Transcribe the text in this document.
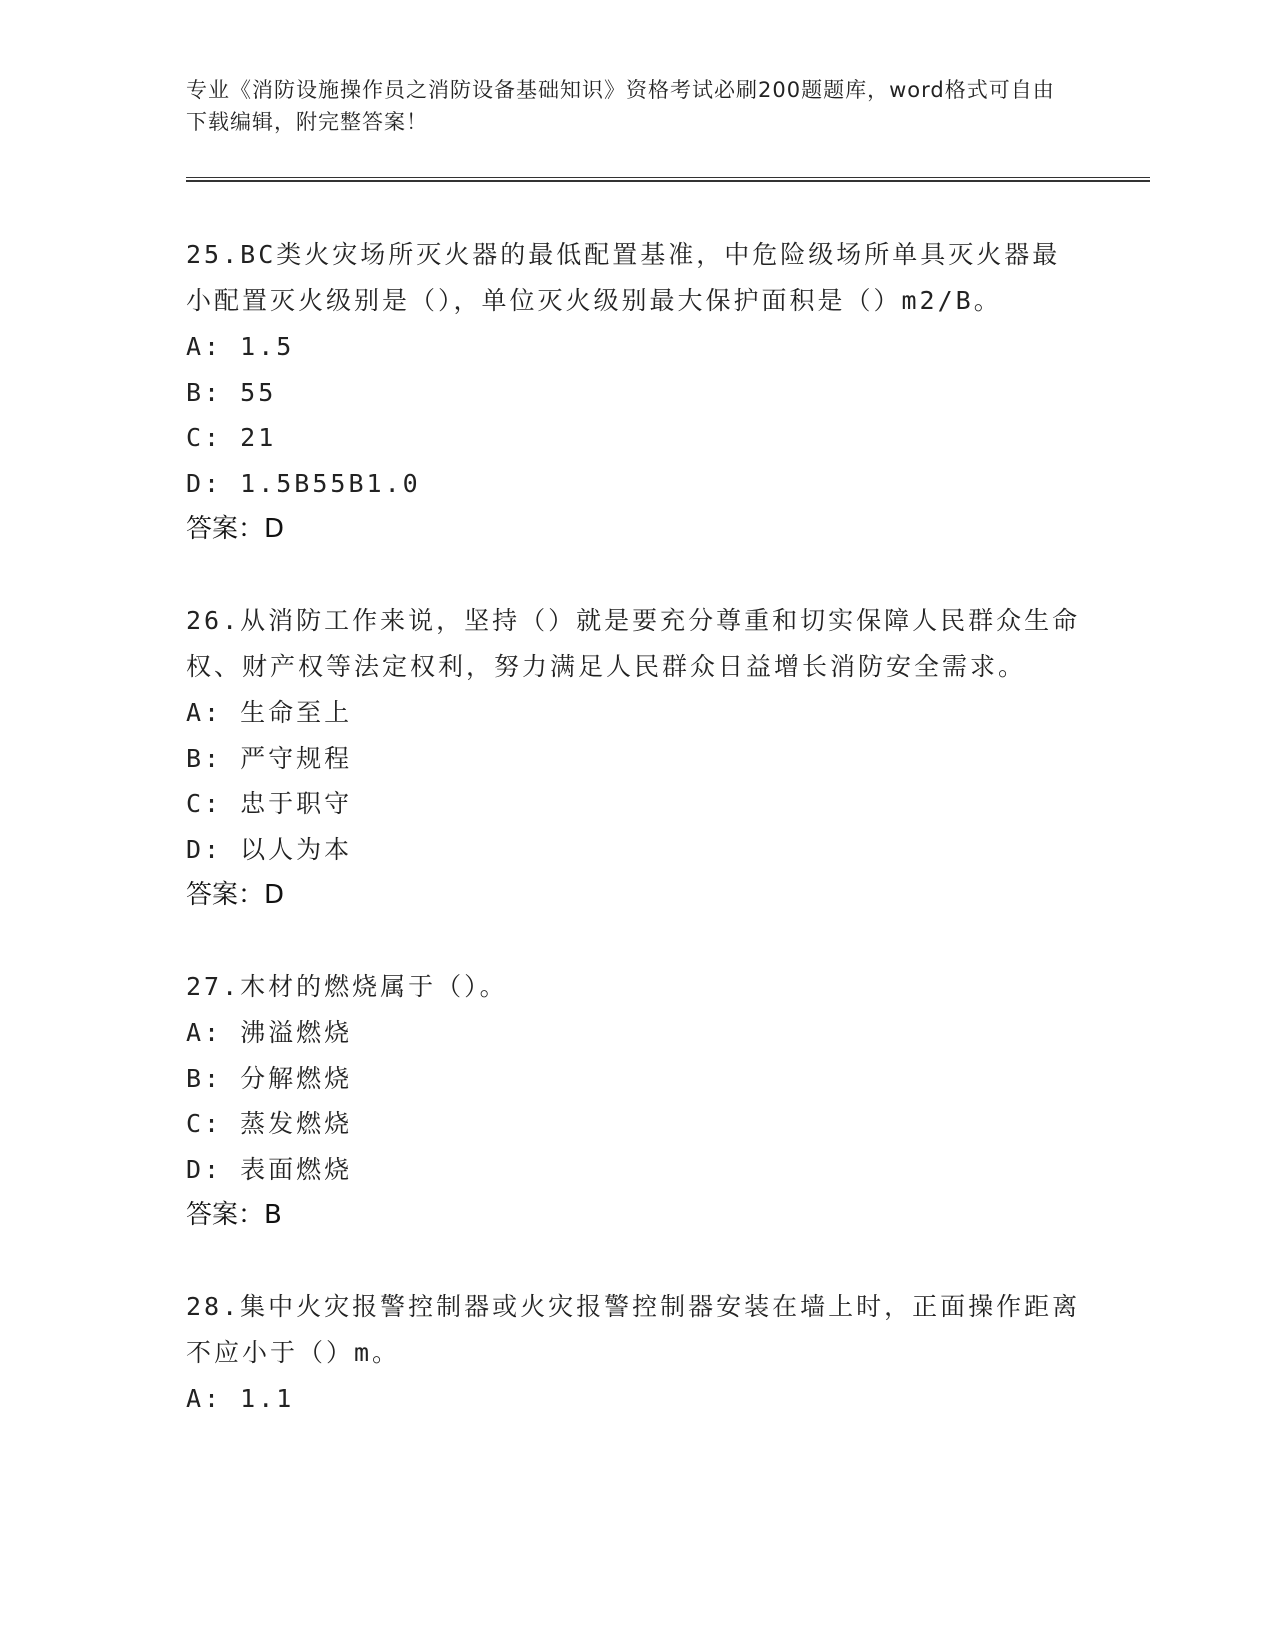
专业《消防设施操作员之消防设备基础知识》资格考试必刷200题题库，word格式可自由下载编辑，附完整答案！
25.BC类火灾场所灭火器的最低配置基准，中危险级场所单具灭火器最小配置灭火级别是（），单位灭火级别最大保护面积是（）m2/B。
A: 1.5
B: 55
C: 21
D: 1.5B55B1.0
答案：D
26.从消防工作来说，坚持（）就是要充分尊重和切实保障人民群众生命权、财产权等法定权利，努力满足人民群众日益增长消防安全需求。
A: 生命至上
B: 严守规程
C: 忠于职守
D: 以人为本
答案：D
27.木材的燃烧属于（）。
A: 沸溢燃烧
B: 分解燃烧
C: 蒸发燃烧
D: 表面燃烧
答案：B
28.集中火灾报警控制器或火灾报警控制器安装在墙上时，正面操作距离不应小于（）m。
A: 1.1
